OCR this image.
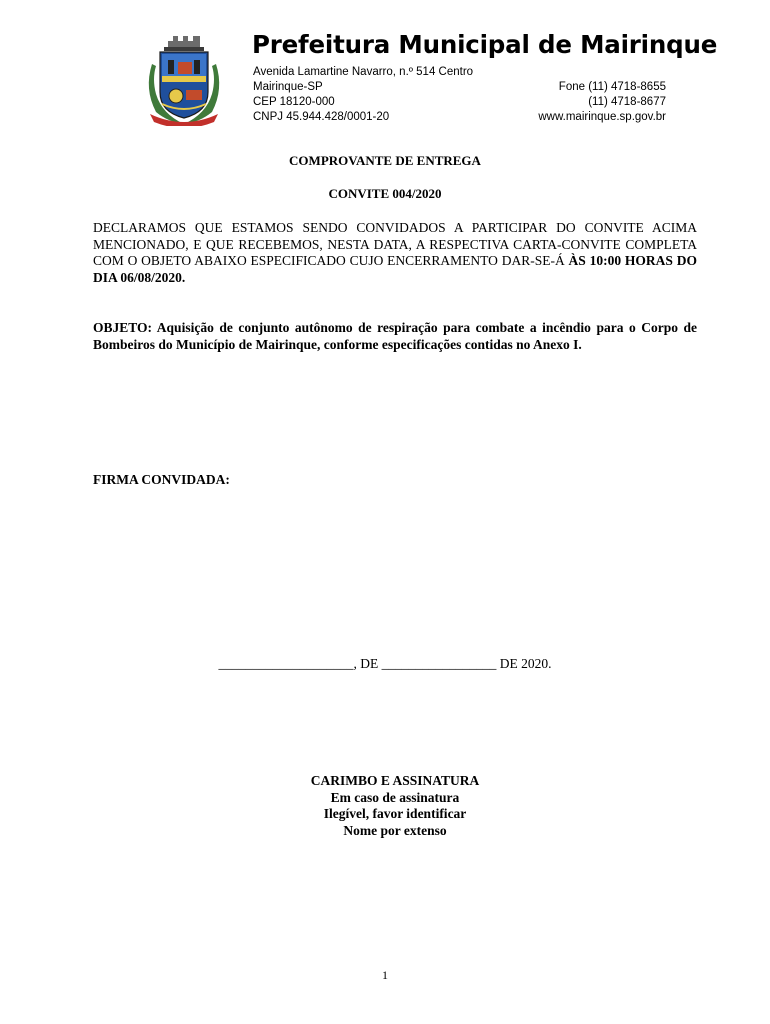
Prefeitura Municipal de Mairinque
Avenida Lamartine Navarro, n.º 514 Centro
Mairinque-SP
CEP 18120-000
CNPJ 45.944.428/0001-20
Fone (11) 4718-8655
(11) 4718-8677
www.mairinque.sp.gov.br
COMPROVANTE DE ENTREGA
CONVITE 004/2020
DECLARAMOS QUE ESTAMOS SENDO CONVIDADOS A PARTICIPAR DO CONVITE ACIMA MENCIONADO, E QUE RECEBEMOS, NESTA DATA, A RESPECTIVA CARTA-CONVITE COMPLETA COM O OBJETO ABAIXO ESPECIFICADO CUJO ENCERRAMENTO DAR-SE-Á ÀS 10:00 HORAS DO DIA 06/08/2020.
OBJETO: Aquisição de conjunto autônomo de respiração para combate a incêndio para o Corpo de Bombeiros do Município de Mairinque, conforme especificações contidas no Anexo I.
FIRMA CONVIDADA:
____________________, DE _________________ DE 2020.
CARIMBO E ASSINATURA
Em caso de assinatura
Ilegível, favor identificar
Nome por extenso
1
